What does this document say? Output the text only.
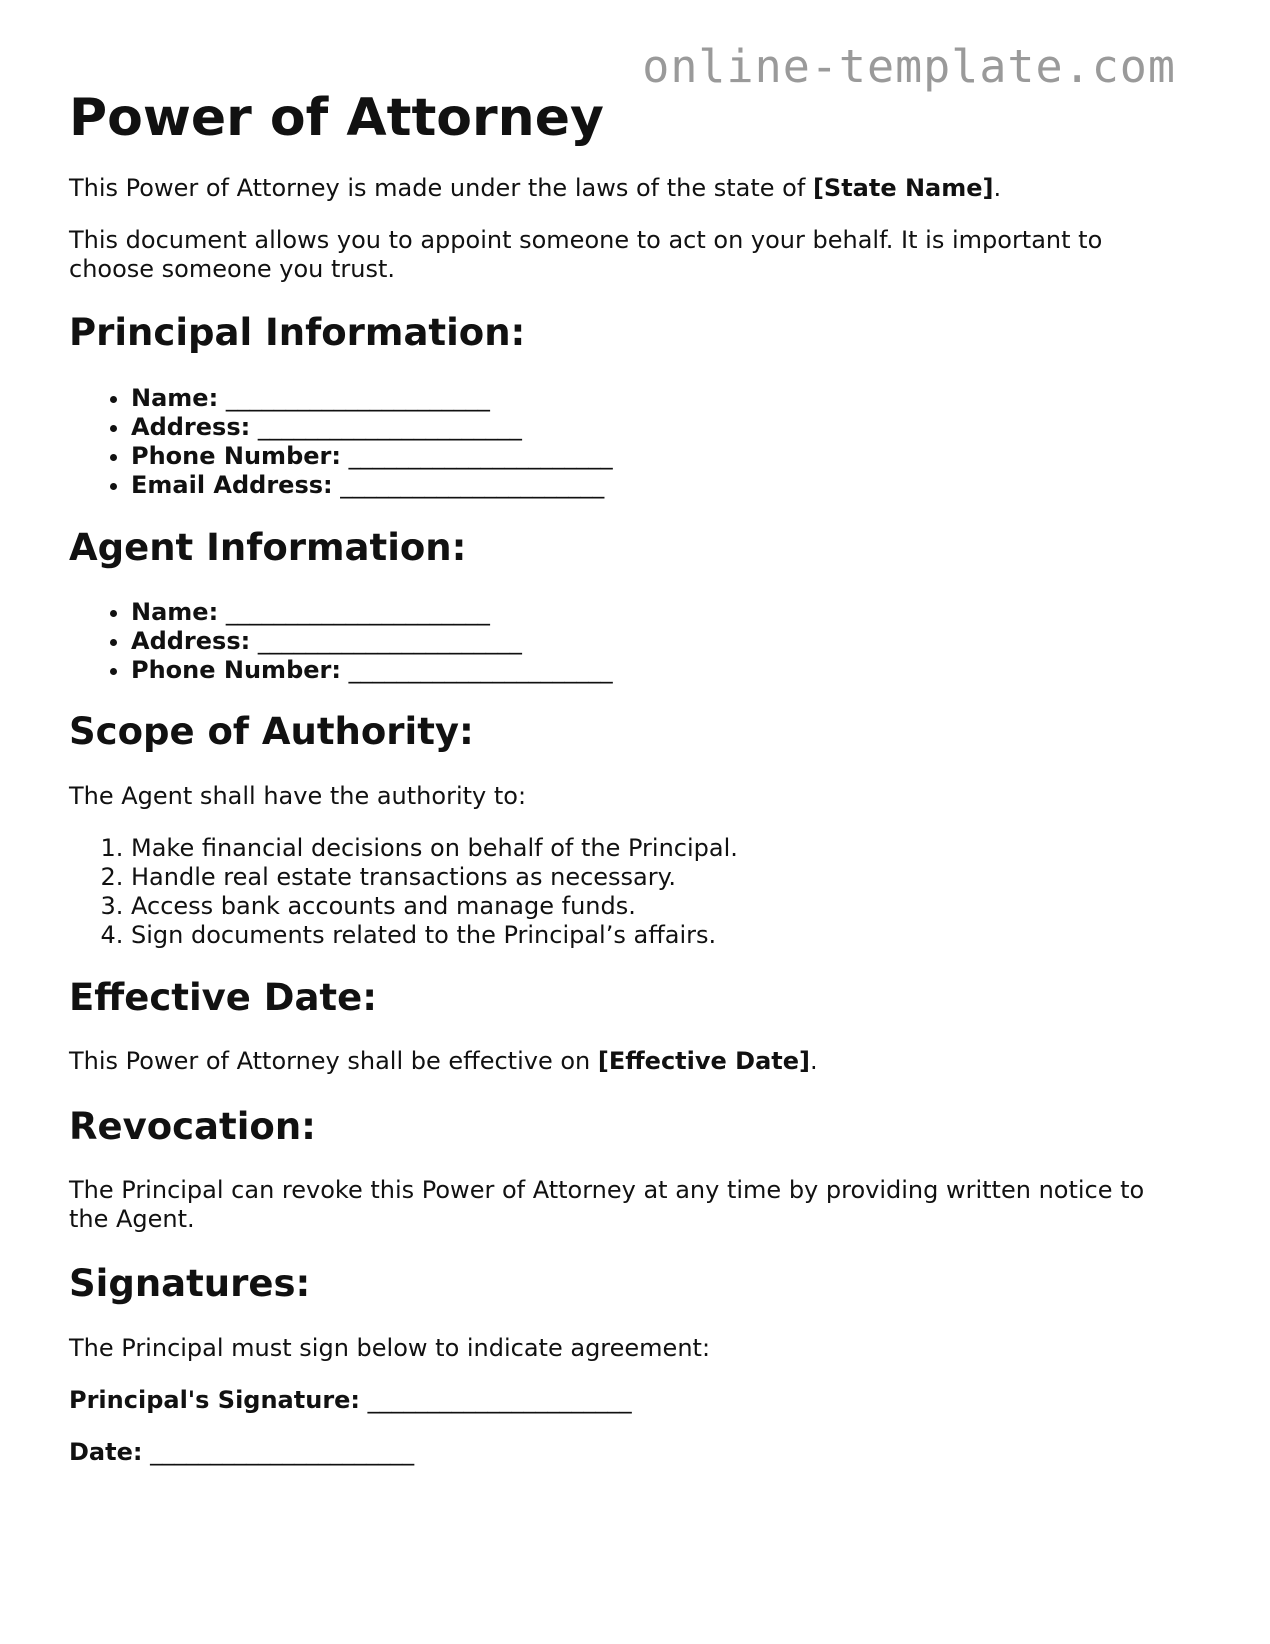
online-template.com
Power of Attorney

This Power of Attorney is made under the laws of the state of [State Name].

This document allows you to appoint someone to act on your behalf. It is important to choose someone you trust.

Principal Information:
• Name: ______________________
• Address: ______________________
• Phone Number: ______________________
• Email Address: ______________________
Agent Information:
• Name: ______________________
• Address: ______________________
• Phone Number: ______________________
Scope of Authority:

The Agent shall have the authority to:

1. Make financial decisions on behalf of the Principal.
2. Handle real estate transactions as necessary.
3. Access bank accounts and manage funds.
4. Sign documents related to the Principal’s affairs.
Effective Date:

This Power of Attorney shall be effective on [Effective Date].

Revocation:

The Principal can revoke this Power of Attorney at any time by providing written notice to the Agent.

Signatures:

The Principal must sign below to indicate agreement:

Principal's Signature: ______________________

Date: ______________________
